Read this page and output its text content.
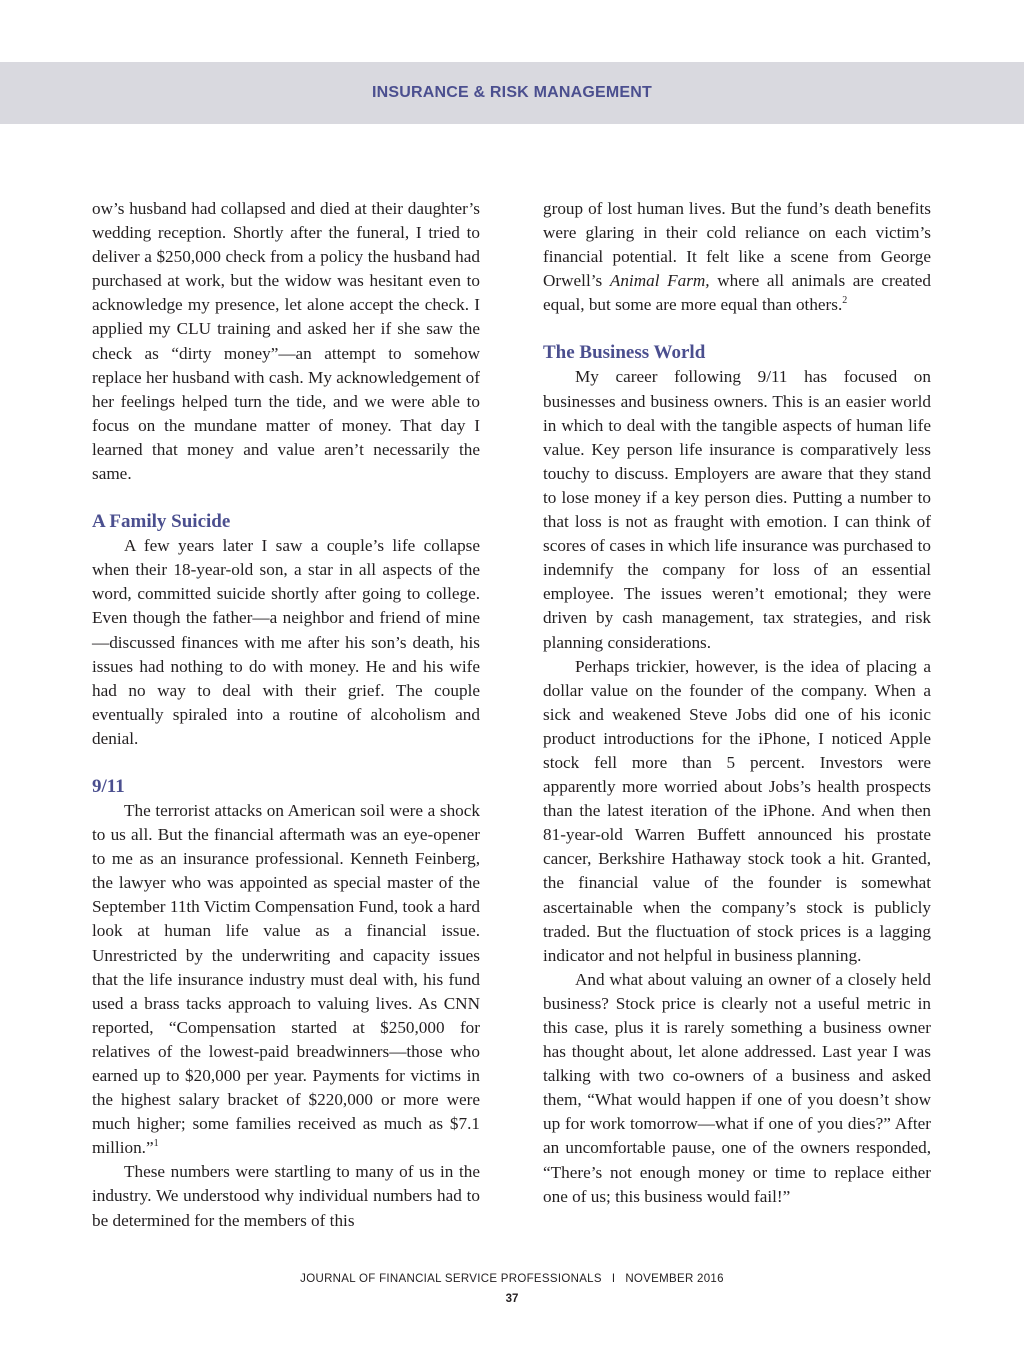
INSURANCE & RISK MANAGEMENT

ow’s husband had collapsed and died at their daughter’s wedding reception. Shortly after the funeral, I tried to deliver a $250,000 check from a policy the husband had purchased at work, but the widow was hesitant even to acknowledge my presence, let alone accept the check. I applied my CLU training and asked her if she saw the check as “dirty money”—an attempt to somehow replace her husband with cash. My acknowledgement of her feelings helped turn the tide, and we were able to focus on the mundane matter of money. That day I learned that money and value aren’t necessarily the same.

A Family Suicide

A few years later I saw a couple’s life collapse when their 18-year-old son, a star in all aspects of the word, committed suicide shortly after going to college. Even though the father—a neighbor and friend of mine—discussed finances with me after his son’s death, his issues had nothing to do with money. He and his wife had no way to deal with their grief. The couple eventually spiraled into a routine of alcoholism and denial.

9/11

The terrorist attacks on American soil were a shock to us all. But the financial aftermath was an eye-opener to me as an insurance professional. Kenneth Feinberg, the lawyer who was appointed as special master of the September 11th Victim Compensation Fund, took a hard look at human life value as a financial issue. Unrestricted by the underwriting and capacity issues that the life insurance industry must deal with, his fund used a brass tacks approach to valuing lives. As CNN reported, “Compensation started at $250,000 for relatives of the lowest-paid breadwinners—those who earned up to $20,000 per year. Payments for victims in the highest salary bracket of $220,000 or more were much higher; some families received as much as $7.1 million.”$^1$

These numbers were startling to many of us in the industry. We understood why individual numbers had to be determined for the members of this

group of lost human lives. But the fund’s death benefits were glaring in their cold reliance on each victim’s financial potential. It felt like a scene from George Orwell’s Animal Farm, where all animals are created equal, but some are more equal than others.$^2$

The Business World

My career following 9/11 has focused on businesses and business owners. This is an easier world in which to deal with the tangible aspects of human life value. Key person life insurance is comparatively less touchy to discuss. Employers are aware that they stand to lose money if a key person dies. Putting a number to that loss is not as fraught with emotion. I can think of scores of cases in which life insurance was purchased to indemnify the company for loss of an essential employee. The issues weren’t emotional; they were driven by cash management, tax strategies, and risk planning considerations.

Perhaps trickier, however, is the idea of placing a dollar value on the founder of the company. When a sick and weakened Steve Jobs did one of his iconic product introductions for the iPhone, I noticed Apple stock fell more than 5 percent. Investors were apparently more worried about Jobs’s health prospects than the latest iteration of the iPhone. And when then 81-year-old Warren Buffett announced his prostate cancer, Berkshire Hathaway stock took a hit. Granted, the financial value of the founder is somewhat ascertainable when the company’s stock is publicly traded. But the fluctuation of stock prices is a lagging indicator and not helpful in business planning.

And what about valuing an owner of a closely held business? Stock price is clearly not a useful metric in this case, plus it is rarely something a business owner has thought about, let alone addressed. Last year I was talking with two co-owners of a business and asked them, “What would happen if one of you doesn’t show up for work tomorrow—what if one of you dies?” After an uncomfortable pause, one of the owners responded, “There’s not enough money or time to replace either one of us; this business would fail!”

JOURNAL OF FINANCIAL SERVICE PROFESSIONALS I NOVEMBER 2016
37
